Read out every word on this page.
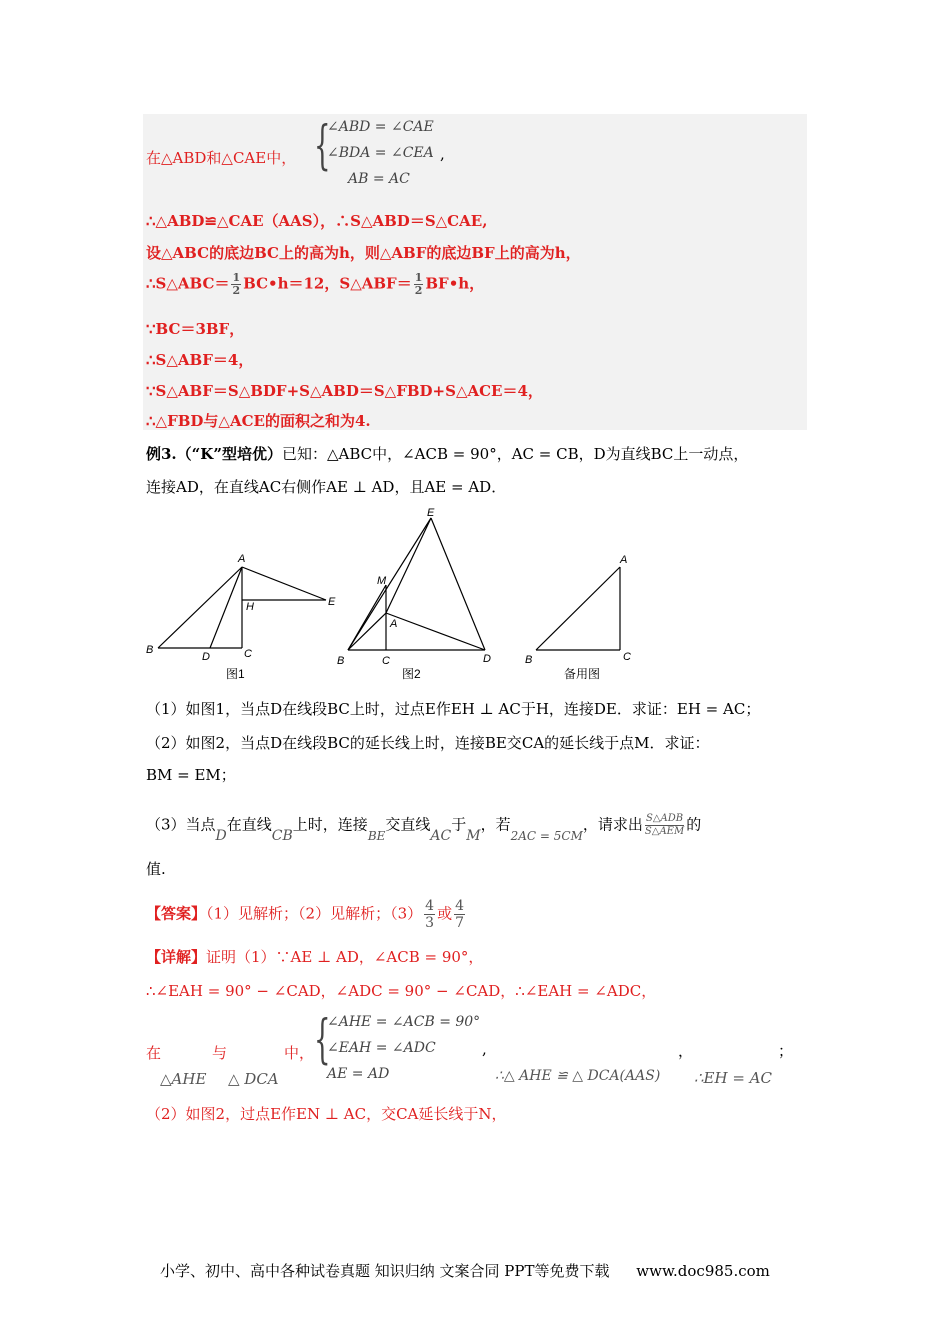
在△ABD和△CAE中， {
∠ABD = ∠CAE
∠BDA = ∠CEA
AB = AC
,
∴△ABD≌△CAE（AAS），∴S△ABD＝S△CAE,
设△ABC的底边BC上的高为h，则△ABF的底边BF上的高为h，
∴S△ABC＝ $\frac{1}{2}$ BC•h＝12，S△ABF＝ $\frac{1}{2}$ BF•h，
∵BC＝3BF，
∴S△ABF＝4，
∵S△ABF＝S△BDF+S△ABD＝S△FBD+S△ACE＝4，
∴△FBD与△ACE的面积之和为4.
例3.（“K”型培优）已知：△ABC中，∠ACB = 90°，AC = CB，D为直线BC上一动点，
连接AD，在直线AC右侧作AE ⊥ AD，且AE = AD．
A
B
D	C
H	E
图1
E
M
A
B	C	D
图2
A
B	C
备用图
（1）如图1，当点D在线段BC上时，过点E作EH ⊥ AC于H，连接DE．求证：EH = AC；
（2）如图2，当点D在线段BC的延长线上时，连接BE交CA的延长线于点M．求证：
BM = EM；
（3）当点D在直线CB上时，连接$_{BE}$交直线AC于M，若$_{2AC = 5CM}$，请求出 $\frac{\text{S△ADB}}{\text{S△AEM}}$ 的
值.
【答案】（1）见解析；（2）见解析；$(3) \frac{4}{3}$ 或 $\frac{4}{7}$
【详解】证明（1）∵AE ⊥ AD，∠ACB = 90°，
∴∠EAH = 90° − ∠CAD，∠ADC = 90° − ∠CAD，∴∠EAH = ∠ADC，
在	与	中， {
∠AHE = ∠ACB = 90°
∠EAH = ∠ADC
AE = AD
,	，	；
△AHE △ DCA	∴△ AHE ≌ △ DCA(AAS) ∴EH = AC
（2）如图2，过点E作EN ⊥ AC，交CA延长线于N，
小学、初中、高中各种试卷真题 知识归纳 文案合同 PPT等免费下载 www.doc985.com
